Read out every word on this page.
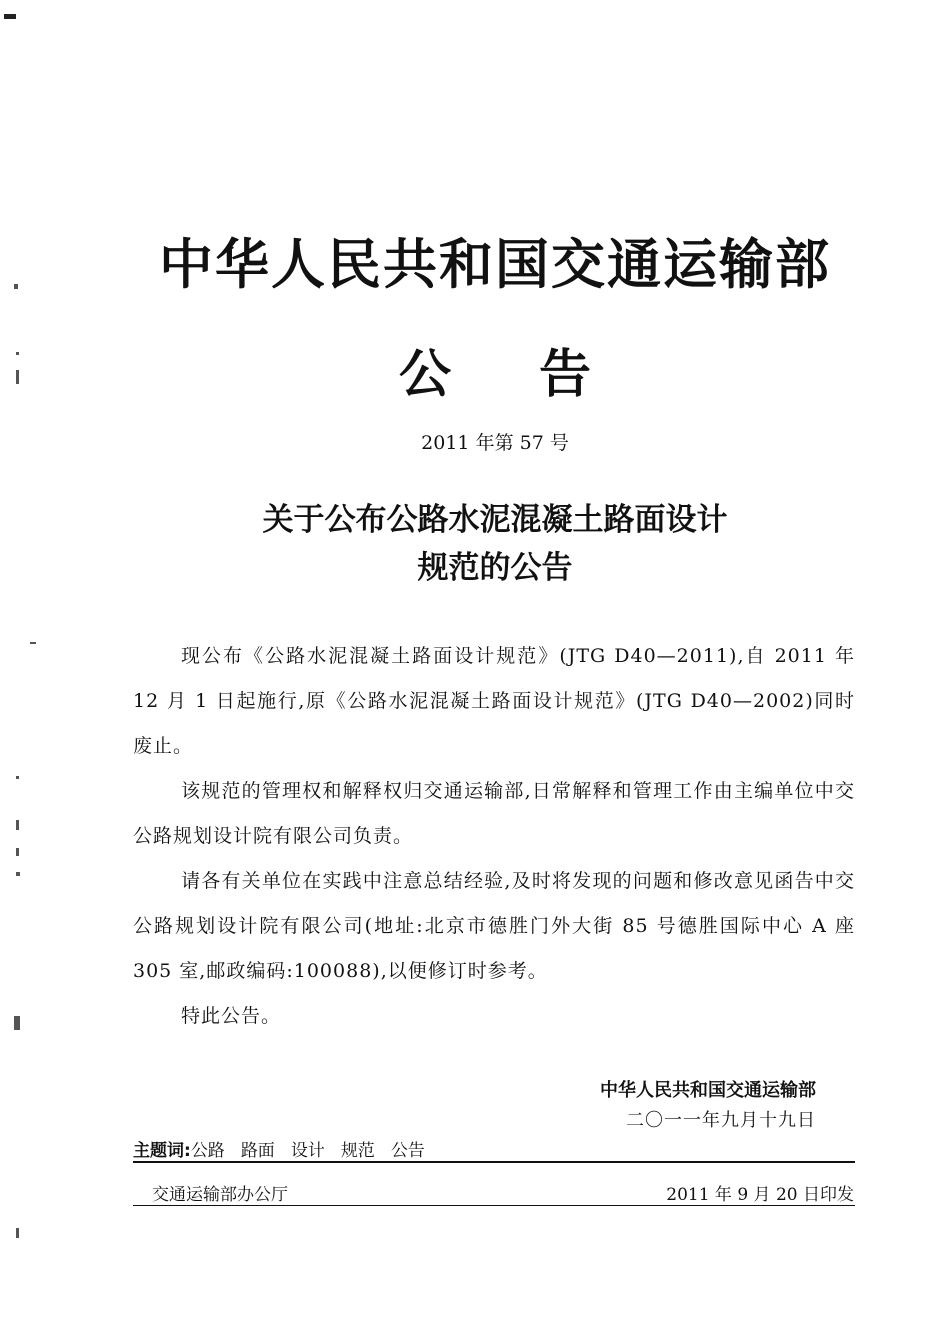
中华人民共和国交通运输部
公告
2011 年第 57 号
关于公布公路水泥混凝土路面设计
规范的公告

现公布《公路水泥混凝土路面设计规范》(JTG D40—2011),自 2011 年 12 月 1 日起施行,原《公路水泥混凝土路面设计规范》(JTG D40—2002)同时废止。

该规范的管理权和解释权归交通运输部,日常解释和管理工作由主编单位中交公路规划设计院有限公司负责。

请各有关单位在实践中注意总结经验,及时将发现的问题和修改意见函告中交公路规划设计院有限公司(地址:北京市德胜门外大街 85 号德胜国际中心 A 座 305 室,邮政编码:100088),以便修订时参考。

特此公告。

中华人民共和国交通运输部
二〇一一年九月十九日
主题词:公路 路面 设计 规范 公告
交通运输部办公厅	2011 年 9 月 20 日印发
